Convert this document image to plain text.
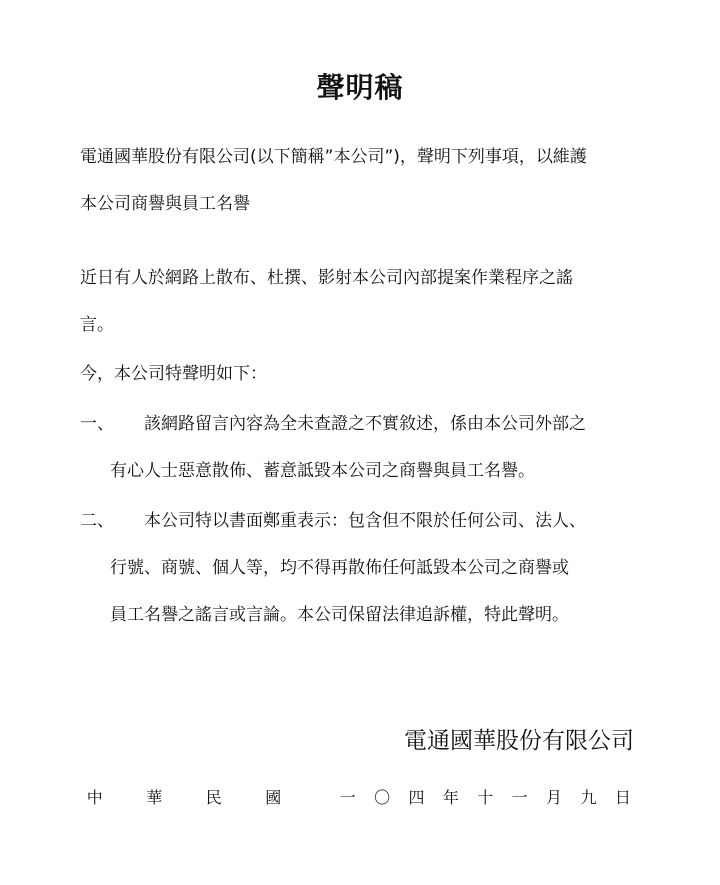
聲明稿
電通國華股份有限公司(以下簡稱”本公司”)，聲明下列事項，以維護
本公司商譽與員工名譽
近日有人於網路上散布、杜撰、影射本公司內部提案作業程序之謠
言。
今，本公司特聲明如下：
一、 該網路留言內容為全未查證之不實敘述，係由本公司外部之
有心人士惡意散佈、蓄意詆毀本公司之商譽與員工名譽。
二、 本公司特以書面鄭重表示：包含但不限於任何公司、法人、
行號、商號、個人等，均不得再散佈任何詆毀本公司之商譽或
員工名譽之謠言或言論。本公司保留法律追訴權，特此聲明。
電通國華股份有限公司
中	華	民	國	一	〇	四	年	十	一	月	九	日
